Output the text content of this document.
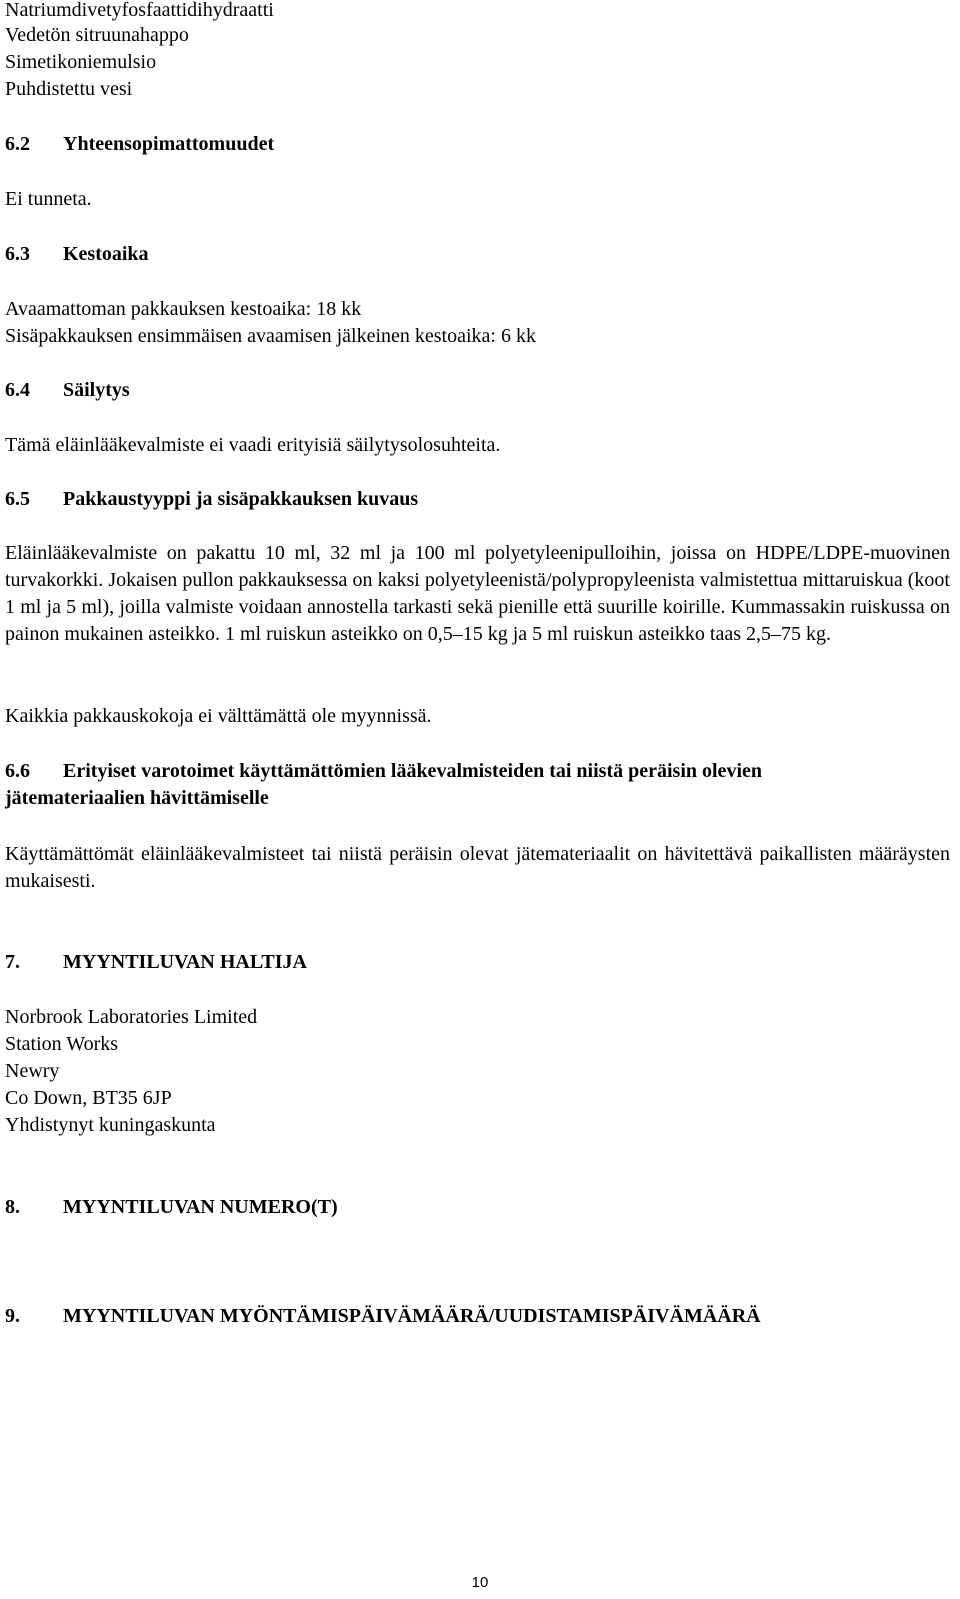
Natriumdivetyfosfaattidihydraatti
Vedetön sitruunahappo
Simetikoniemulsio
Puhdistettu vesi
6.2 Yhteensopimattomuudet
Ei tunneta.
6.3 Kestoaika
Avaamattoman pakkauksen kestoaika: 18 kk
Sisäpakkauksen ensimmäisen avaamisen jälkeinen kestoaika: 6 kk
6.4 Säilytys
Tämä eläinlääkevalmiste ei vaadi erityisiä säilytysolosuhteita.
6.5 Pakkaustyyppi ja sisäpakkauksen kuvaus
Eläinlääkevalmiste on pakattu 10 ml, 32 ml ja 100 ml polyetyleenipulloihin, joissa on HDPE/LDPE-muovinen turvakorkki. Jokaisen pullon pakkauksessa on kaksi polyetyleenistä/polypropyleenista valmistettua mittaruiskua (koot 1 ml ja 5 ml), joilla valmiste voidaan annostella tarkasti sekä pienille että suurille koirille. Kummassakin ruiskussa on painon mukainen asteikko. 1 ml ruiskun asteikko on 0,5–15 kg ja 5 ml ruiskun asteikko taas 2,5–75 kg.
Kaikkia pakkauskokoja ei välttämättä ole myynnissä.
6.6 Erityiset varotoimet käyttämättömien lääkevalmisteiden tai niistä peräisin olevien
jätemateriaalien hävittämiselle
Käyttämättömät eläinlääkevalmisteet tai niistä peräisin olevat jätemateriaalit on hävitettävä paikallisten määräysten mukaisesti.
7. MYYNTILUVAN HALTIJA
Norbrook Laboratories Limited
Station Works
Newry
Co Down, BT35 6JP
Yhdistynyt kuningaskunta
8. MYYNTILUVAN NUMERO(T)
9. MYYNTILUVAN MYÖNTÄMISPÄIVÄMÄÄRÄ/UUDISTAMISPÄIVÄMÄÄRÄ
10
